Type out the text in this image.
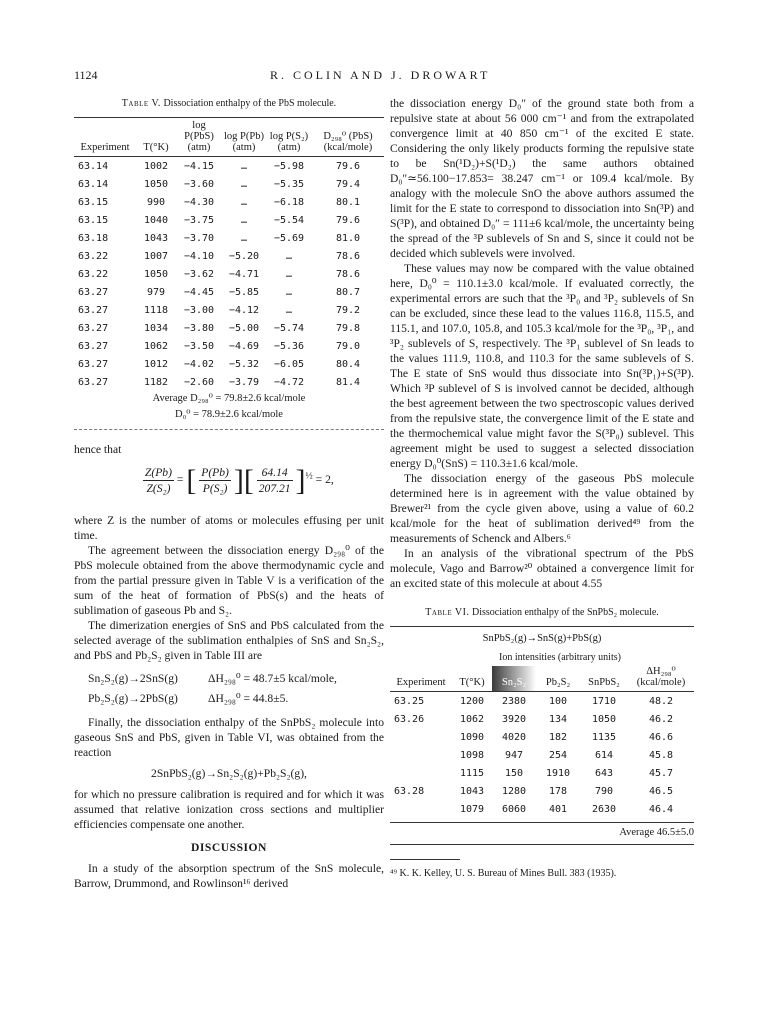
1124	R. COLIN AND J. DROWART
Table V. Dissociation enthalpy of the PbS molecule.
Experiment	T(°K)	log P(PbS) (atm)	log P(Pb) (atm)	log P(S₂) (atm)	D₂₉₈⁰ (PbS) (kcal/mole)
63.14	1002	−4.15	…	−5.98	79.6
63.14	1050	−3.60	…	−5.35	79.4
63.15	990	−4.30	…	−6.18	80.1
63.15	1040	−3.75	…	−5.54	79.6
63.18	1043	−3.70	…	−5.69	81.0
63.22	1007	−4.10	−5.20	…	78.6
63.22	1050	−3.62	−4.71	…	78.6
63.27	979	−4.45	−5.85	…	80.7
63.27	1118	−3.00	−4.12	…	79.2
63.27	1034	−3.80	−5.00	−5.74	79.8
63.27	1062	−3.50	−4.69	−5.36	79.0
63.27	1012	−4.02	−5.32	−6.05	80.4
63.27	1182	−2.60	−3.79	−4.72	81.4
Average D₂₉₈⁰ = 79.8±2.6 kcal/mole
D₀⁰ = 78.9±2.6 kcal/mole

hence that

$\frac{Z(Pb)}{\text{Z(S₂)}}$ = [ $\frac{P(Pb)}{\text{P(S₂)}}$ ][ $\frac{64.14}{207.21} ]^{\frac{1}{2}} = 2$,

where Z is the number of atoms or molecules effusing per unit time.

The agreement between the dissociation energy D₂₉₈⁰ of the PbS molecule obtained from the above thermodynamic cycle and from the partial pressure given in Table V is a verification of the sum of the heat of formation of PbS(s) and the heats of sublimation of gaseous Pb and S₂.

The dimerization energies of SnS and PbS calculated from the selected average of the sublimation enthalpies of SnS and Sn₂S₂, and PbS and Pb₂S₂ given in Table III are

Sn₂S₂(g)→2SnS(g)	ΔH₂₉₈⁰ = 48.7±5 kcal/mole,
Pb₂S₂(g)→2PbS(g)	ΔH₂₉₈⁰ = 44.8±5.

Finally, the dissociation enthalpy of the SnPbS₂ molecule into gaseous SnS and PbS, given in Table VI, was obtained from the reaction

2SnPbS₂(g)→Sn₂S₂(g)+Pb₂S₂(g),

for which no pressure calibration is required and for which it was assumed that relative ionization cross sections and multiplier efficiencies compensate one another.

DISCUSSION

In a study of the absorption spectrum of the SnS molecule, Barrow, Drummond, and Rowlinson¹⁶ derived

the dissociation energy D₀″ of the ground state both from a repulsive state at about 56 000 cm⁻¹ and from the extrapolated convergence limit at 40 850 cm⁻¹ of the excited E state. Considering the only likely products forming the repulsive state to be Sn(¹D₂)+S(¹D₂) the same authors obtained D₀″≃56.100−17.853= 38.247 cm⁻¹ or 109.4 kcal/mole. By analogy with the molecule SnO the above authors assumed the limit for the E state to correspond to dissociation into Sn(³P) and S(³P), and obtained D₀″ = 111±6 kcal/mole, the uncertainty being the spread of the ³P sublevels of Sn and S, since it could not be decided which sublevels were involved.

These values may now be compared with the value obtained here, D₀⁰ = 110.1±3.0 kcal/mole. If evaluated correctly, the experimental errors are such that the ³P₀ and ³P₂ sublevels of Sn can be excluded, since these lead to the values 116.8, 115.5, and 115.1, and 107.0, 105.8, and 105.3 kcal/mole for the ³P₀, ³P₁, and ³P₂ sublevels of S, respectively. The ³P₁ sublevel of Sn leads to the values 111.9, 110.8, and 110.3 for the same sublevels of S. The E state of SnS would thus dissociate into Sn(³P₁)+S(³P). Which ³P sublevel of S is involved cannot be decided, although the best agreement between the two spectroscopic values derived from the repulsive state, the convergence limit of the E state and the thermochemical value might favor the S(³P₀) sublevel. This agreement might be used to suggest a selected dissociation energy D₀⁰(SnS) = 110.3±1.6 kcal/mole.

The dissociation energy of the gaseous PbS molecule determined here is in agreement with the value obtained by Brewer²¹ from the cycle given above, using a value of 60.2 kcal/mole for the heat of sublimation derived⁴⁹ from the measurements of Schenck and Albers.⁶

In an analysis of the vibrational spectrum of the PbS molecule, Vago and Barrow²⁰ obtained a convergence limit for an excited state of this molecule at about 4.55

Table VI. Dissociation enthalpy of the SnPbS₂ molecule.
SnPbS₂(g)→SnS(g)+PbS(g)
		Ion intensities (arbitrary units)			
Experiment	T(°K)	Sn₂S₂	Pb₂S₂	SnPbS₂	ΔH₂₉₈⁰ (kcal/mole)
63.25	1200	2380	100	1710	48.2
63.26	1062	3920	134	1050	46.2
	1090	4020	182	1135	46.6
	1098	947	254	614	45.8
	1115	150	1910	643	45.7
63.28	1043	1280	178	790	46.5
	1079	6060	401	2630	46.4
Average 46.5±5.0
⁴⁹ K. K. Kelley, U. S. Bureau of Mines Bull. 383 (1935).
